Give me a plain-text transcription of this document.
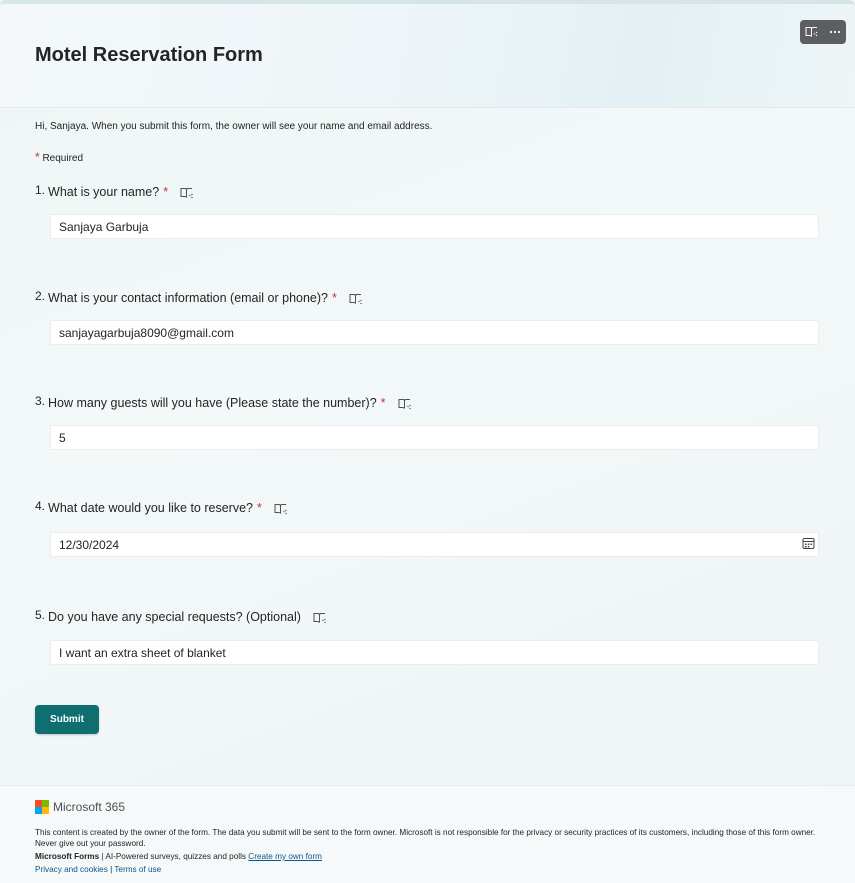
Motel Reservation Form
Hi, Sanjaya. When you submit this form, the owner will see your name and email address.
* Required
1. What is your name? *
Sanjaya Garbuja
2. What is your contact information (email or phone)? *
sanjayagarbuja8090@gmail.com
3. How many guests will you have (Please state the number)? *
5
4. What date would you like to reserve? *
12/30/2024
5. Do you have any special requests? (Optional)
I want an extra sheet of blanket
Submit
Microsoft 365
This content is created by the owner of the form. The data you submit will be sent to the form owner. Microsoft is not responsible for the privacy or security practices of its customers, including those of this form owner. Never give out your password.
Microsoft Forms | AI-Powered surveys, quizzes and polls Create my own form
Privacy and cookies | Terms of use
